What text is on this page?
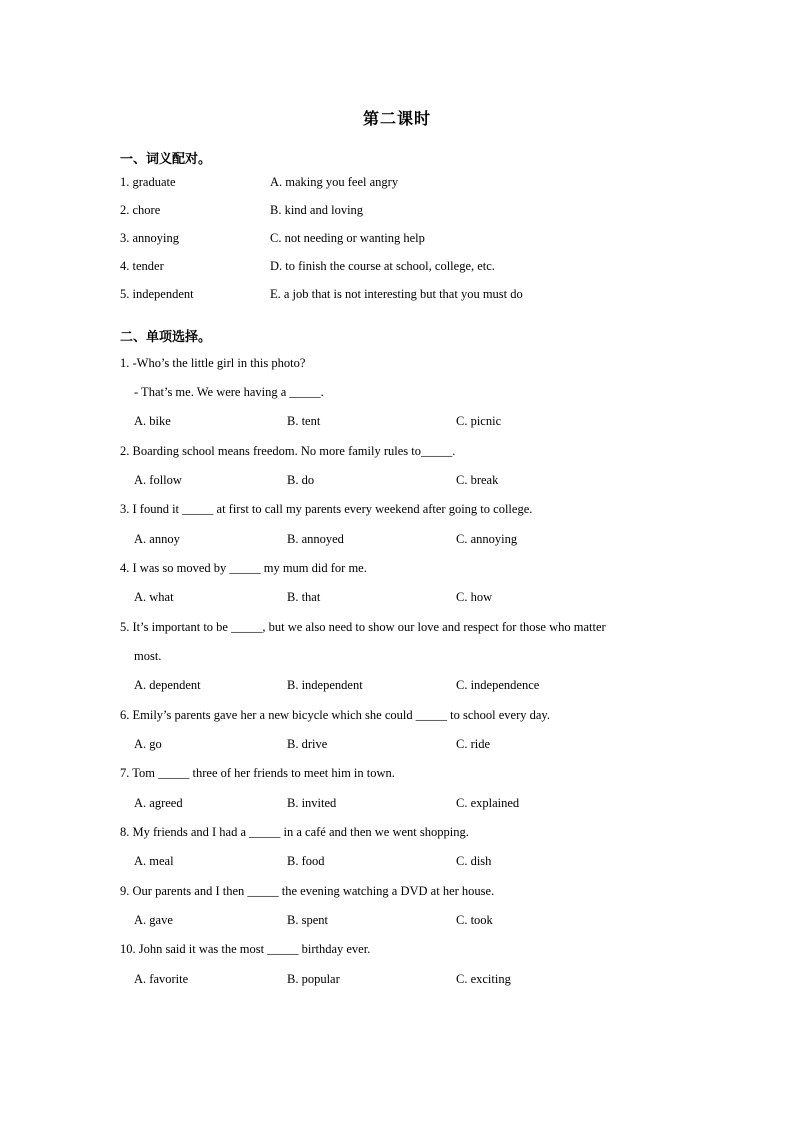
第二课时
一、词义配对。
1. graduate	A. making you feel angry
2. chore	B. kind and loving
3. annoying	C. not needing or wanting help
4. tender	D. to finish the course at school, college, etc.
5. independent	E. a job that is not interesting but that you must do
二、单项选择。
1. -Who’s the little girl in this photo?
- That’s me. We were having a _____.
A. bike	B. tent	C. picnic
2. Boarding school means freedom. No more family rules to_____.
A. follow	B. do	C. break
3. I found it _____ at first to call my parents every weekend after going to college.
A. annoy	B. annoyed	C. annoying
4. I was so moved by _____ my mum did for me.
A. what	B. that	C. how
5. It’s important to be _____, but we also need to show our love and respect for those who matter
most.
A. dependent	B. independent	C. independence
6. Emily’s parents gave her a new bicycle which she could _____ to school every day.
A. go	B. drive	C. ride
7. Tom _____ three of her friends to meet him in town.
A. agreed	B. invited	C. explained
8. My friends and I had a _____ in a café and then we went shopping.
A. meal	B. food	C. dish
9. Our parents and I then _____ the evening watching a DVD at her house.
A. gave	B. spent	C. took
10. John said it was the most _____ birthday ever.
A. favorite	B. popular	C. exciting
